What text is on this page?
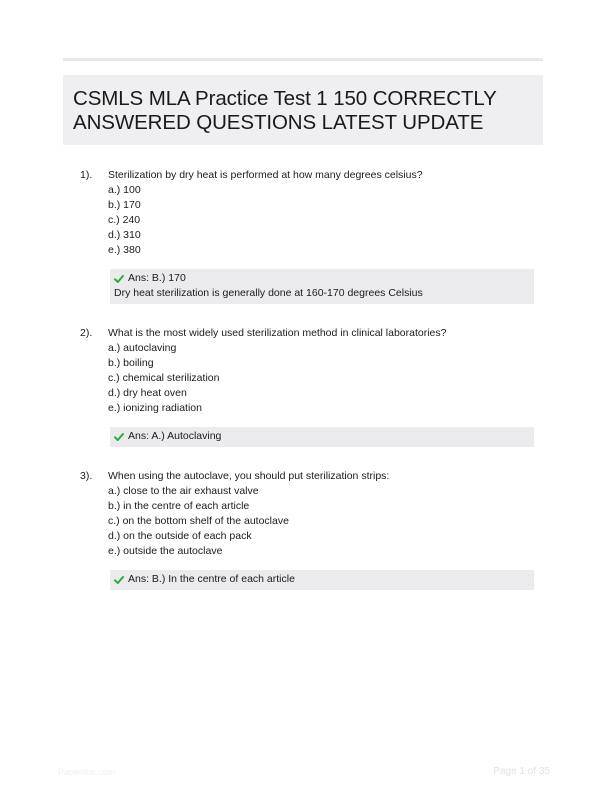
CSMLS MLA Practice Test 1 150 CORRECTLY ANSWERED QUESTIONS LATEST UPDATE
1).	Sterilization by dry heat is performed at how many degrees celsius?
a.) 100
b.) 170
c.) 240
d.) 310
e.) 380
Ans: B.) 170
Dry heat sterilization is generally done at 160-170 degrees Celsius
2).	What is the most widely used sterilization method in clinical laboratories?
a.) autoclaving
b.) boiling
c.) chemical sterilization
d.) dry heat oven
e.) ionizing radiation
Ans: A.) Autoclaving
3).	When using the autoclave, you should put sterilization strips:
a.) close to the air exhaust valve
b.) in the centre of each article
c.) on the bottom shelf of the autoclave
d.) on the outside of each pack
e.) outside the autoclave
Ans: B.) In the centre of each article
Paperlibe.com	Page 1 of 35
